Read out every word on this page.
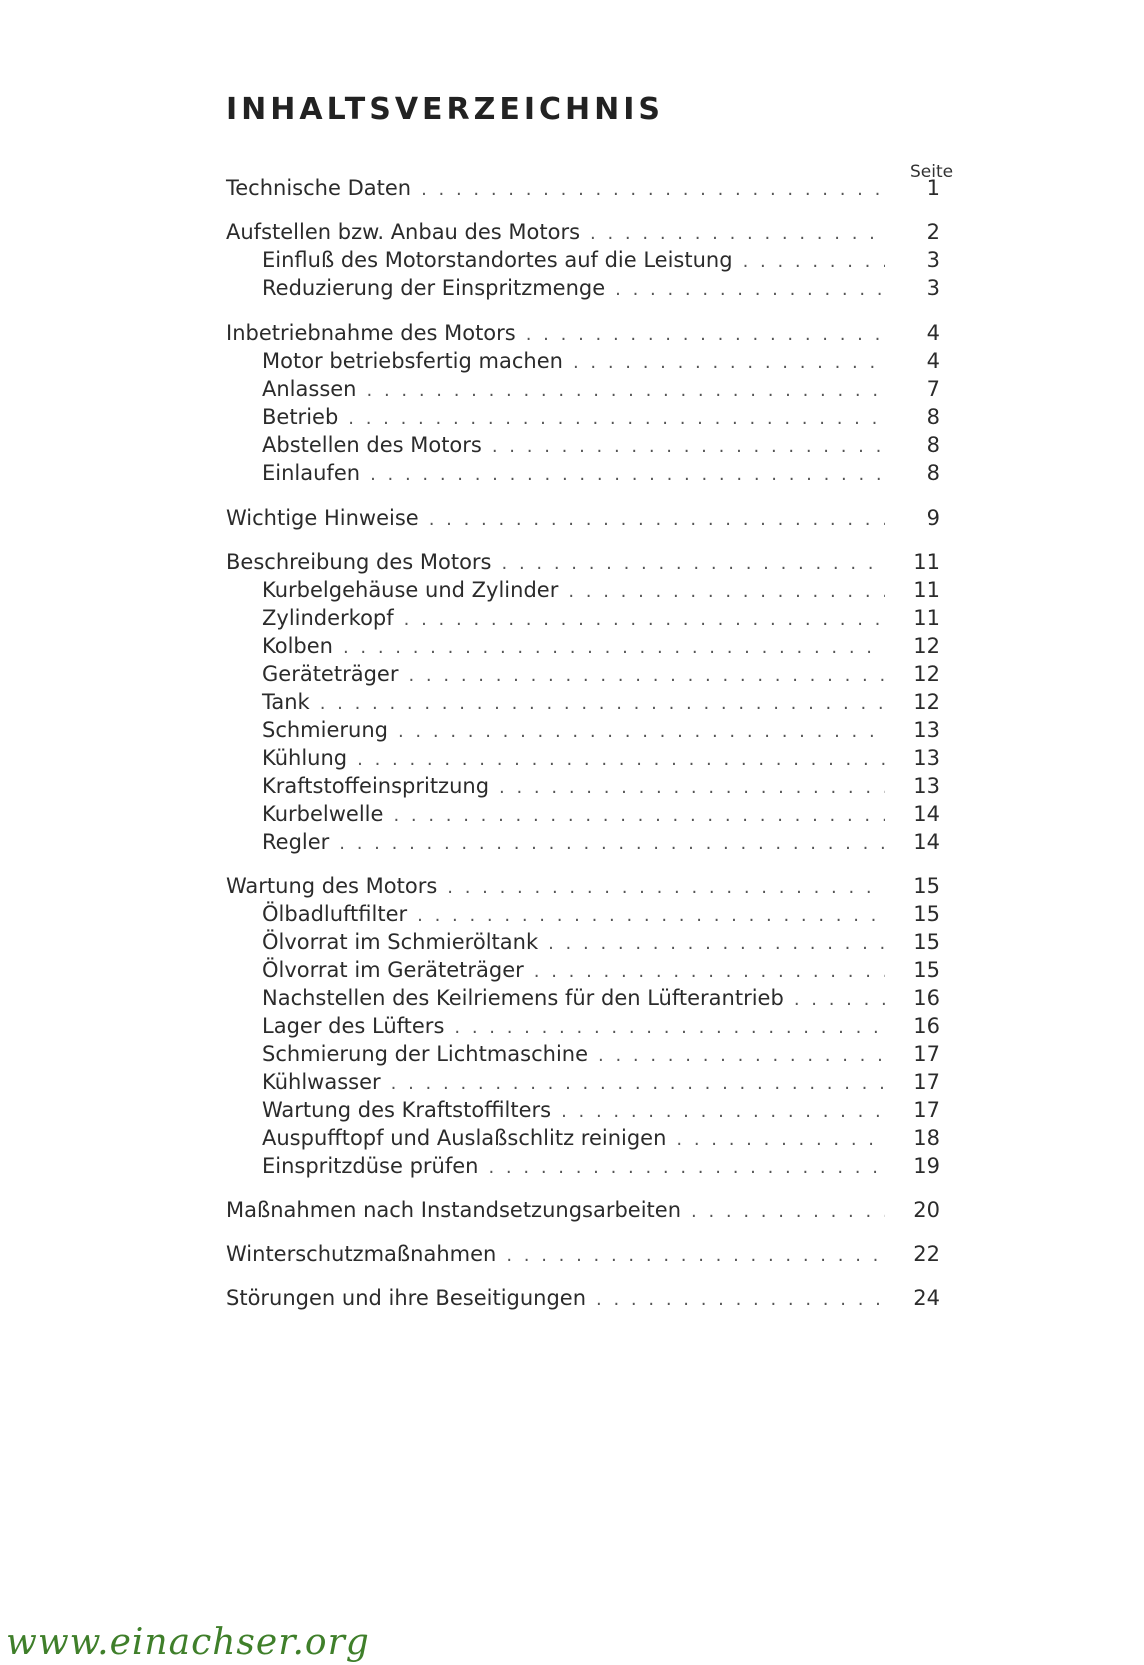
INHALTSVERZEICHNIS
Seite
Technische Daten . . .	1
Aufstellen bzw. Anbau des Motors . . .	2
Einfluß des Motorstandortes auf die Leistung . . .	3
Reduzierung der Einspritzmenge . . .	3
Inbetriebnahme des Motors . . .	4
Motor betriebsfertig machen . . .	4
Anlassen . . .	7
Betrieb . . .	8
Abstellen des Motors . . .	8
Einlaufen . . .	8
Wichtige Hinweise . . .	9
Beschreibung des Motors . . .	11
Kurbelgehäuse und Zylinder . . .	11
Zylinderkopf . . .	11
Kolben . . .	12
Geräteträger . . .	12
Tank . . .	12
Schmierung . . .	13
Kühlung . . .	13
Kraftstoffeinspritzung . . .	13
Kurbelwelle . . .	14
Regler . . .	14
Wartung des Motors . . .	15
Ölbadluftfilter . . .	15
Ölvorrat im Schmieröltank . . .	15
Ölvorrat im Geräteträger . . .	15
Nachstellen des Keilriemens für den Lüfterantrieb . . .	16
Lager des Lüfters . . .	16
Schmierung der Lichtmaschine . . .	17
Kühlwasser . . .	17
Wartung des Kraftstoffilters . . .	17
Auspufftopf und Auslaßschlitz reinigen . . .	18
Einspritzdüse prüfen . . .	19
Maßnahmen nach Instandsetzungsarbeiten . . .	20
Winterschutzmaßnahmen . . .	22
Störungen und ihre Beseitigungen . . .	24
www.einachser.org
